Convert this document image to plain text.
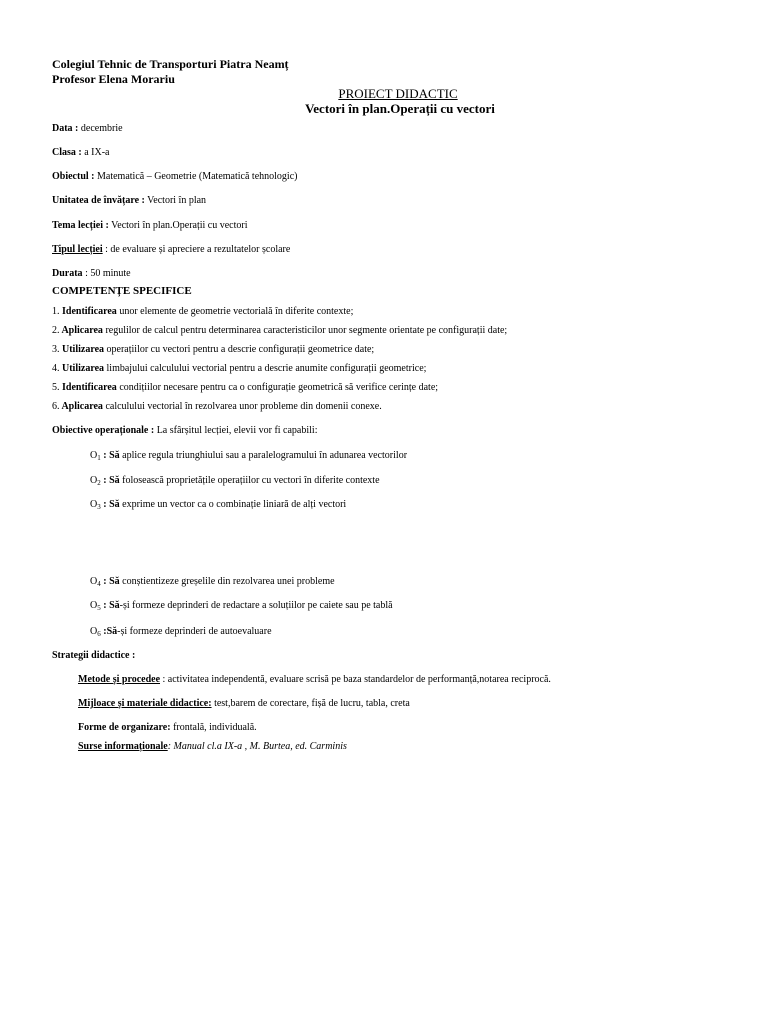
Colegiul Tehnic de Transporturi Piatra Neamț
Profesor Elena Morariu
PROIECT DIDACTIC
Vectori în plan.Operații cu vectori
Data : decembrie
Clasa : a IX-a
Obiectul : Matematică – Geometrie (Matematică tehnologic)
Unitatea de învățare : Vectori în plan
Tema lecției : Vectori în plan.Operații cu vectori
Tipul lecției : de evaluare și apreciere a rezultatelor școlare
Durata : 50 minute
COMPETENȚE SPECIFICE
1. Identificarea unor elemente de geometrie vectorială în diferite contexte;
2. Aplicarea regulilor de calcul pentru determinarea caracteristicilor unor segmente orientate pe configurații date;
3. Utilizarea operațiilor cu vectori pentru a descrie configurații geometrice date;
4. Utilizarea limbajului calculului vectorial pentru a descrie anumite configurații geometrice;
5. Identificarea condițiilor necesare pentru ca o configurație geometrică să verifice cerințe date;
6. Aplicarea calculului vectorial în rezolvarea unor probleme din domenii conexe.
Obiective operaționale : La sfârșitul lecției, elevii vor fi capabili:
$O_1$ : Să aplice regula triunghiului sau a paralelogramului în adunarea vectorilor
$O_2$ : Să folosească proprietățile operațiilor cu vectori în diferite contexte
$O_3$ : Să exprime un vector ca o combinație liniară de alți vectori
$O_4$ : Să conștientizeze greșelile din rezolvarea unei probleme
$O_5$ : Să-și formeze deprinderi de redactare a soluțiilor pe caiete sau pe tablă
$O_6$ :Să-și formeze deprinderi de autoevaluare
Strategii didactice :
Metode și procedee : activitatea independentă, evaluare scrisă pe baza standardelor de performanță,notarea reciprocă.
Mijloace și materiale didactice: test,barem de corectare, fișă de lucru, tabla, creta
Forme de organizare: frontală, individuală.
Surse informaționale: Manual cl.a IX-a , M. Burtea, ed. Carminis
